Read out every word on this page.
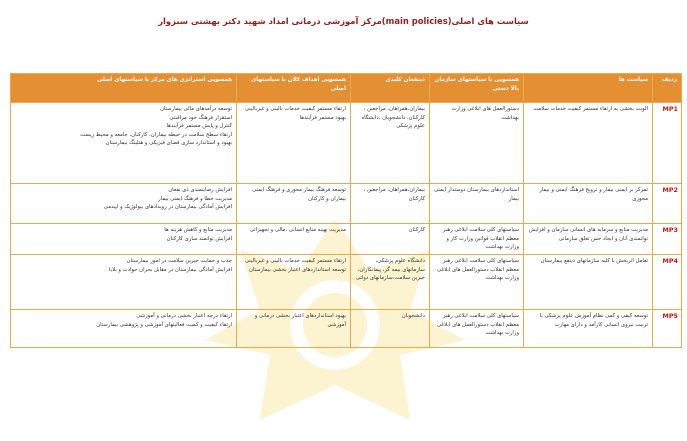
سیاست های اصلی(main policies)مرکز آموزشی درمانی امداد شهید دکتر بهشتی سبزوار
ردیف	سیاست ها	همسویی با سیاستهای سازمان بالا دستی	ذینفعان کلیدی	همسویی اهداف کلان با سیاستهای اصلی	همسویی استراتژی های مرکز با سیاستهای اصلی
MP1	الویت بخشی به ارتقاء مستمر کیفیت خدمات سلامت	دستورالعمل های ابلاغی وزارت بهداشت	بیماران،همراهان، مراجعین ، کارکنان، دانشجویان ،دانشگاه علوم پزشکی	ارتقاء مستمر کیفیت خدمات بالینی و غیربالینی بهبود مستمر فرآیندها	توسعه درآمدهای مالی بیمارستان
استقرار فرهنگ خود مراقبتی
کنترل و پایش مستمر فرآیندها
ارتقاء سطح سلامت در حیطه بیماران، کارکنان، جامعه و محیط زیست
بهبود و استاندارد سازی فضای فیزیکی و هتلینگ بیمارستان

MP2	تمرکز بر ایمنی بیمار و ترویج فرهنگ ایمنی و بیمار محوری	استانداردهای بیمارستان دوستدار ایمنی بیمار	بیماران،همراهان، مراجعین ، کارکنان	توسعه فرهنگ بیمار محوری و فرهنگ ایمنی بیماران و کارکنان	افزایش رضایتمندی ذی نفعان
مدیریت خطا و فرهنگ ایمنی بیمار
افزایش آمادگی بیمارستان در رویدادهای بیولوژیک و اپیدمی

MP3	مدیریت منابع و سرمایه های انسانی سازمان و افزایش توانمندی آنان و ایجاد حس تعلق سازمانی	سیاستهای کلی سلامت ابلاغی رهبر معظم انقلاب قوانین وزارت کار و وزارت بهداشت	کارکنان	مدیریت بهینه منابع انسانی ،مالی و تجهیزاتی	مدیریت منابع و کاهش هزینه ها
افزایش توانمند سازی کارکنان

MP4	تعامل اثربخش با کلیه سازمانهای ذینفع بیمارستان	سیاستهای کلی سلامت ابلاغی رهبر معظم انقلاب دستورالعمل های ابلاغی وزارت بهداشت	دانشگاه علوم پزشکی، سازمانهای بیمه گر، پیمانکاران، خیرین سلامت،سازمانهای دولتی	ارتقاء مستمر کیفیت خدمات بالینی و غیربالینی توسعه استانداردهای اعتبار بخشی بیمارستان	جذب و حمایت خیرین سلامت در امور بیمارستان
افزایش آمادگی بیمارستان در مقابل بحران حوادث و بلایا

MP5	توسعه کیفی و کمی نظام آموزش علوم پزشکی با تربیت نیروی انسانی کارآمد و دارای مهارت	سیاستهای کلی سلامت ابلاغی رهبر معظم انقلاب دستورالعمل های ابلاغی وزارت بهداشت	دانشجویان	بهبود استانداردهای اعتبار بخشی درمانی و آموزشی	ارتقاء درجه اعتبار بخشی درمانی و آموزشی
ارتقاء کیفیت و کمیت فعالیتهای آموزشی و پژوهشی بیمارستان
